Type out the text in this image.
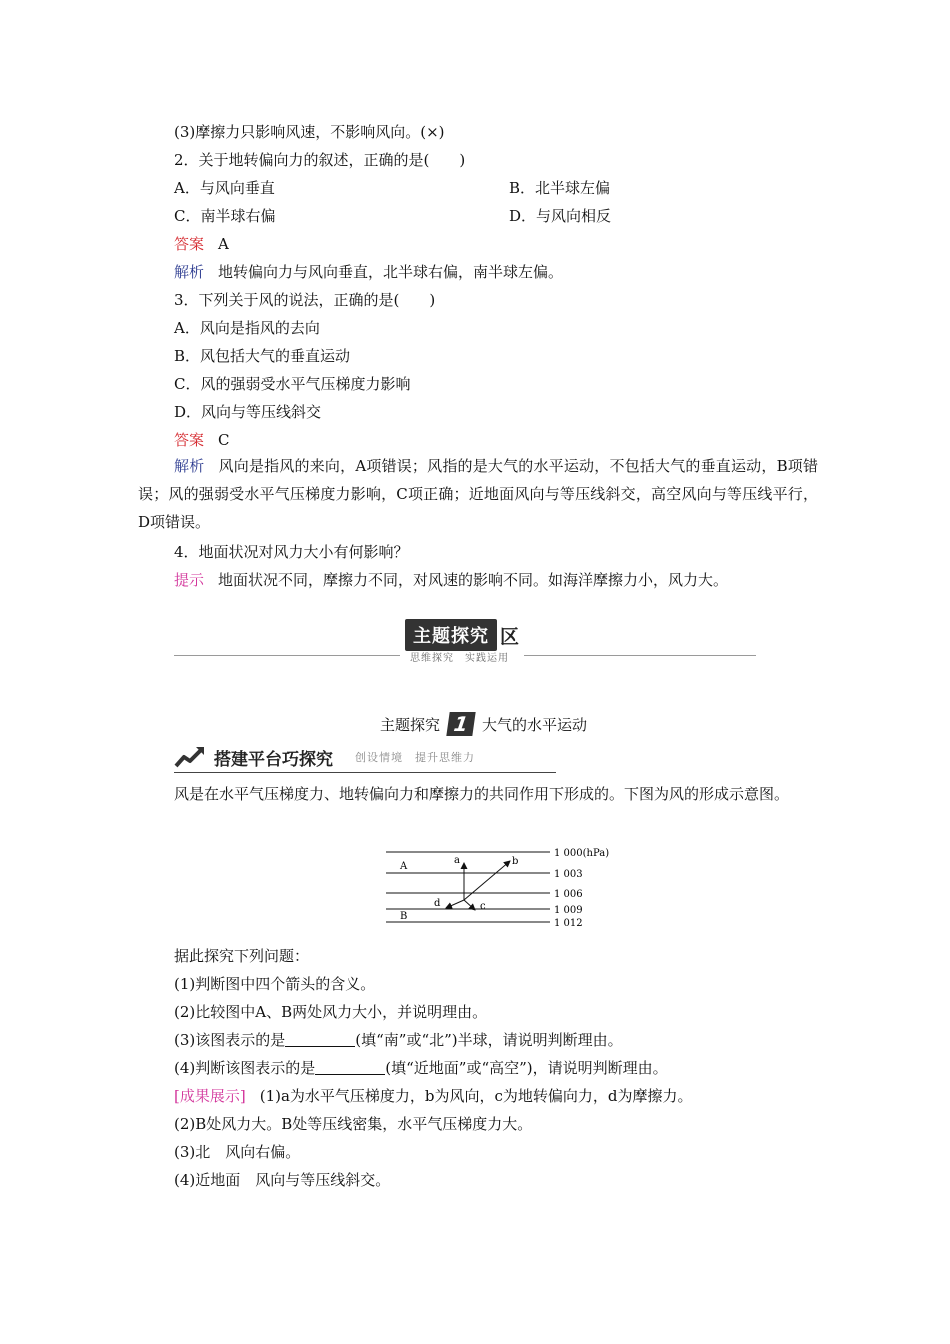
(3)摩擦力只影响风速，不影响风向。(×)
2．关于地转偏向力的叙述，正确的是(　　)
A．与风向垂直	B．北半球左偏
C．南半球右偏	D．与风向相反
答案 A
解析 地转偏向力与风向垂直，北半球右偏，南半球左偏。
3．下列关于风的说法，正确的是(　　)
A．风向是指风的去向
B．风包括大气的垂直运动
C．风的强弱受水平气压梯度力影响
D．风向与等压线斜交
答案 C
解析 风向是指风的来向，A项错误；风指的是大气的水平运动，不包括大气的垂直运动，B项错误；风的强弱受水平气压梯度力影响，C项正确；近地面风向与等压线斜交，高空风向与等压线平行，D项错误。
4．地面状况对风力大小有何影响？
提示 地面状况不同，摩擦力不同，对风速的影响不同。如海洋摩擦力小，风力大。
主题探究 区
思维探究　实践运用
主题探究 1 大气的水平运动
搭建平台巧探究 创设情境　提升思维力
风是在水平气压梯度力、地转偏向力和摩擦力的共同作用下形成的。下图为风的形成示意图。
1 000(hPa)
1 003
1 006
1 009
1 012
A
B
a	b
c
d
据此探究下列问题：
(1)判断图中四个箭头的含义。
(2)比较图中A、B两处风力大小，并说明理由。
(3)该图表示的是	(填“南”或“北”)半球，请说明判断理由。
(4)判断该图表示的是	(填“近地面”或“高空”)，请说明判断理由。
[成果展示] (1)a为水平气压梯度力，b为风向，c为地转偏向力，d为摩擦力。
(2)B处风力大。B处等压线密集，水平气压梯度力大。
(3)北　风向右偏。
(4)近地面　风向与等压线斜交。
